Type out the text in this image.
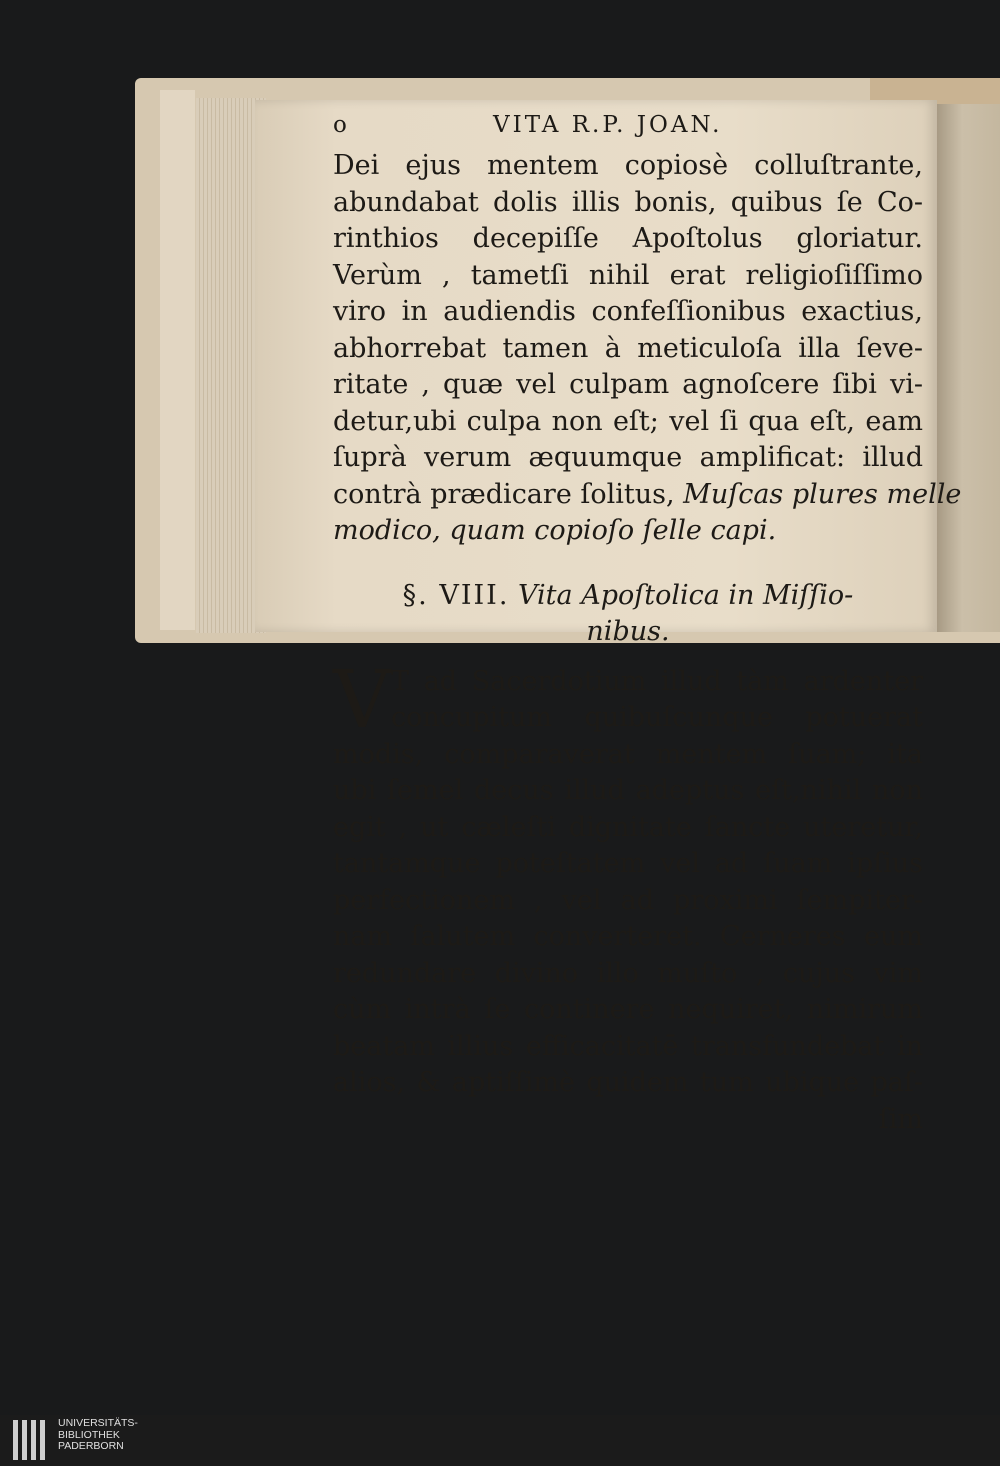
o	VITA R.P. JOAN.
Dei ejus mentem copiosè colluſtrante,
abundabat dolis illis bonis, quibus ſe Co-
rinthios decepiſſe Apoſtolus gloriatur.
Verùm , tametſi nihil erat religioſiſſimo
viro in audiendis confeſſionibus exactius,
abhorrebat tamen à meticuloſa illa ſeve-
ritate , quæ vel culpam agnoſcere ſibi vi-
detur,ubi culpa non eſt; vel ſi qua eſt, eam
ſuprà verum æquumque amplificat: illud
contrà prædicare ſolitus, Muſcas plures melle
modico, quam copioſo ſelle capi.
§. VIII. Vita Apoſtolica in Miſſio-
nibus.
V T ad Sacerdotium illud tàm ardenter
concupitum quibuſcunque potuerat
modis, comparaverat mentem ſuam; ita
ubi ſemel decus illud adeptus eſt,nihil non
egit , ut cæleſti dignitate ſancte uteretur,
tantamque poteſtatem vel ad ſuam ipſius
perfectionem , vel ad proximi ſempiter-
nam ſalutem converteret. Cerneres eum
redundare divino illo muſto , cujus vim
cùm intrà ſe continere nequiret, nimirum
beatam illius efficacitatē transfundebat in
alios, & aptiſſimè quidem tum ubique paſ-
ſim
UNIVERSITÄTS-
BIBLIOTHEK
PADERBORN
